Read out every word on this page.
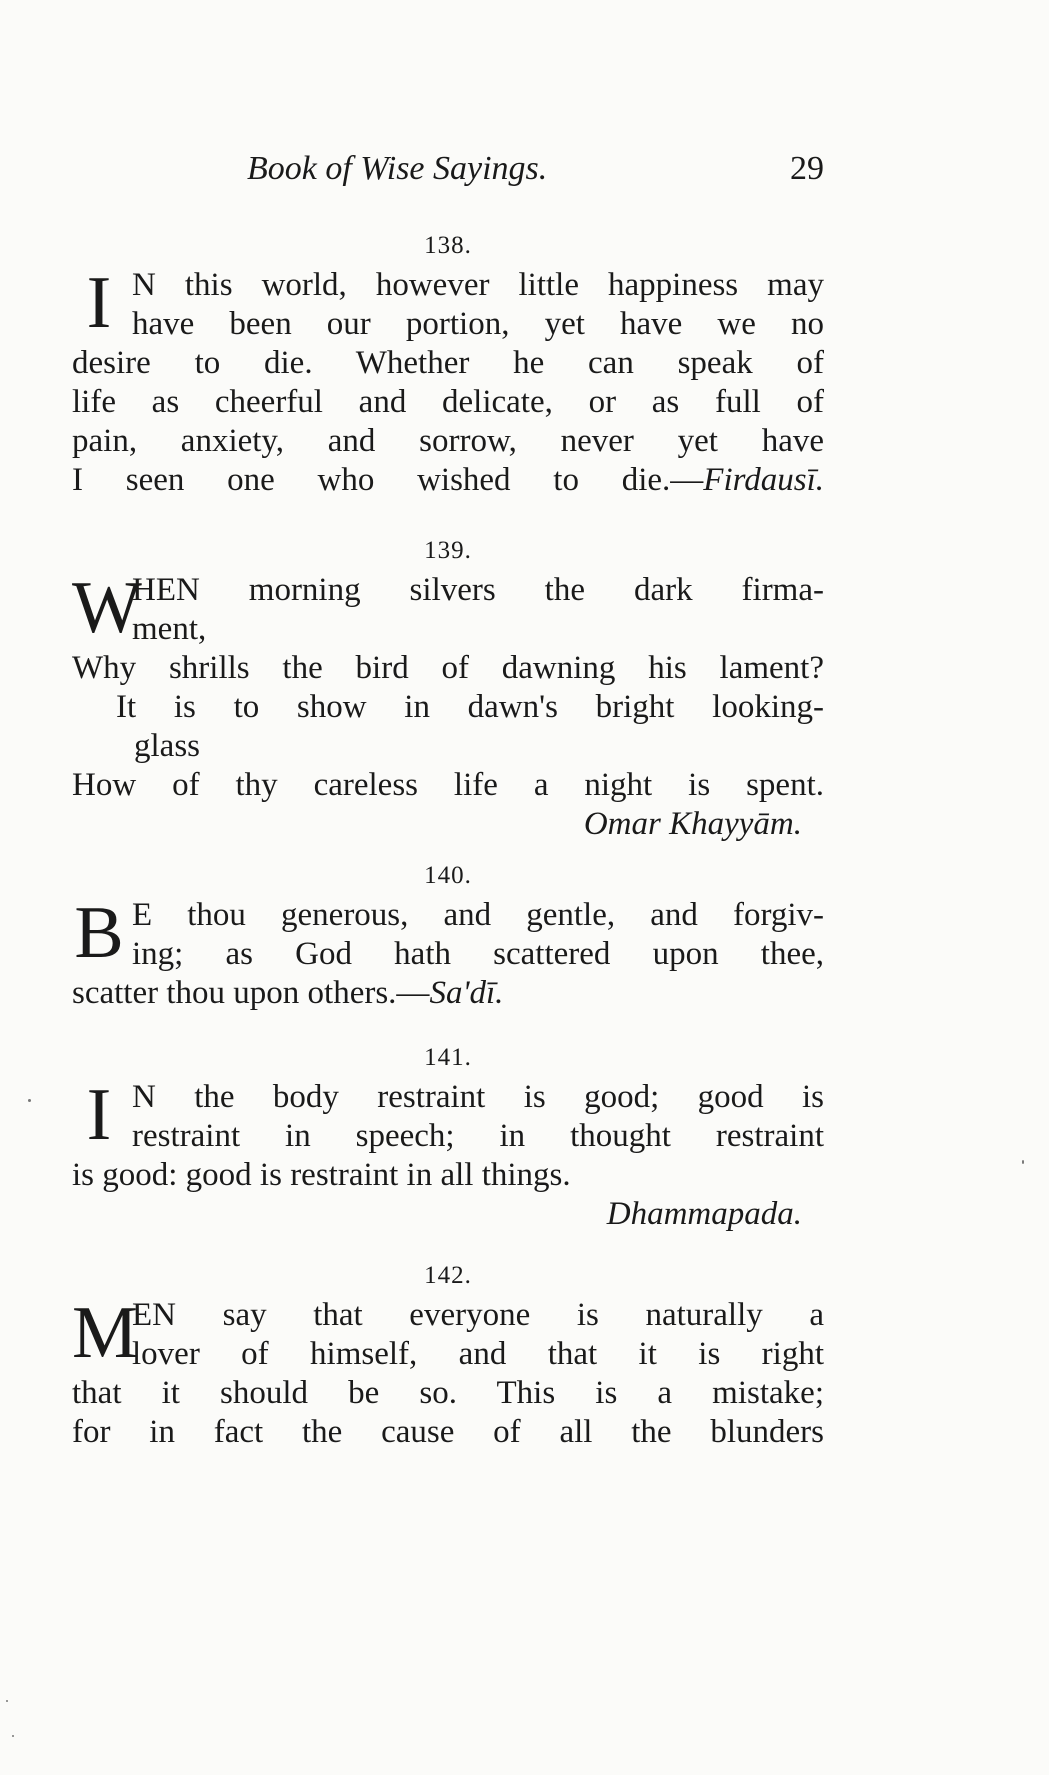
Book of Wise Sayings.	29
138.
I N this world, however little happiness may
have been our portion, yet have we no
desire to die. Whether he can speak of
life as cheerful and delicate, or as full of
pain, anxiety, and sorrow, never yet have
I seen one who wished to die.—Firdausī.
139.
W
HEN morning silvers the dark firma-
ment,
Why shrills the bird of dawning his lament?
It is to show in dawn's bright looking-
glass
How of thy careless life a night is spent.
Omar Khayyām.
140.
B E thou generous, and gentle, and forgiv-
ing; as God hath scattered upon thee,
scatter thou upon others.—Sa'dī.
141.
I N the body restraint is good; good is
restraint in speech; in thought restraint
is good: good is restraint in all things.
Dhammapada.
142.
M
EN say that everyone is naturally a
lover of himself, and that it is right
that it should be so. This is a mistake;
for in fact the cause of all the blunders
